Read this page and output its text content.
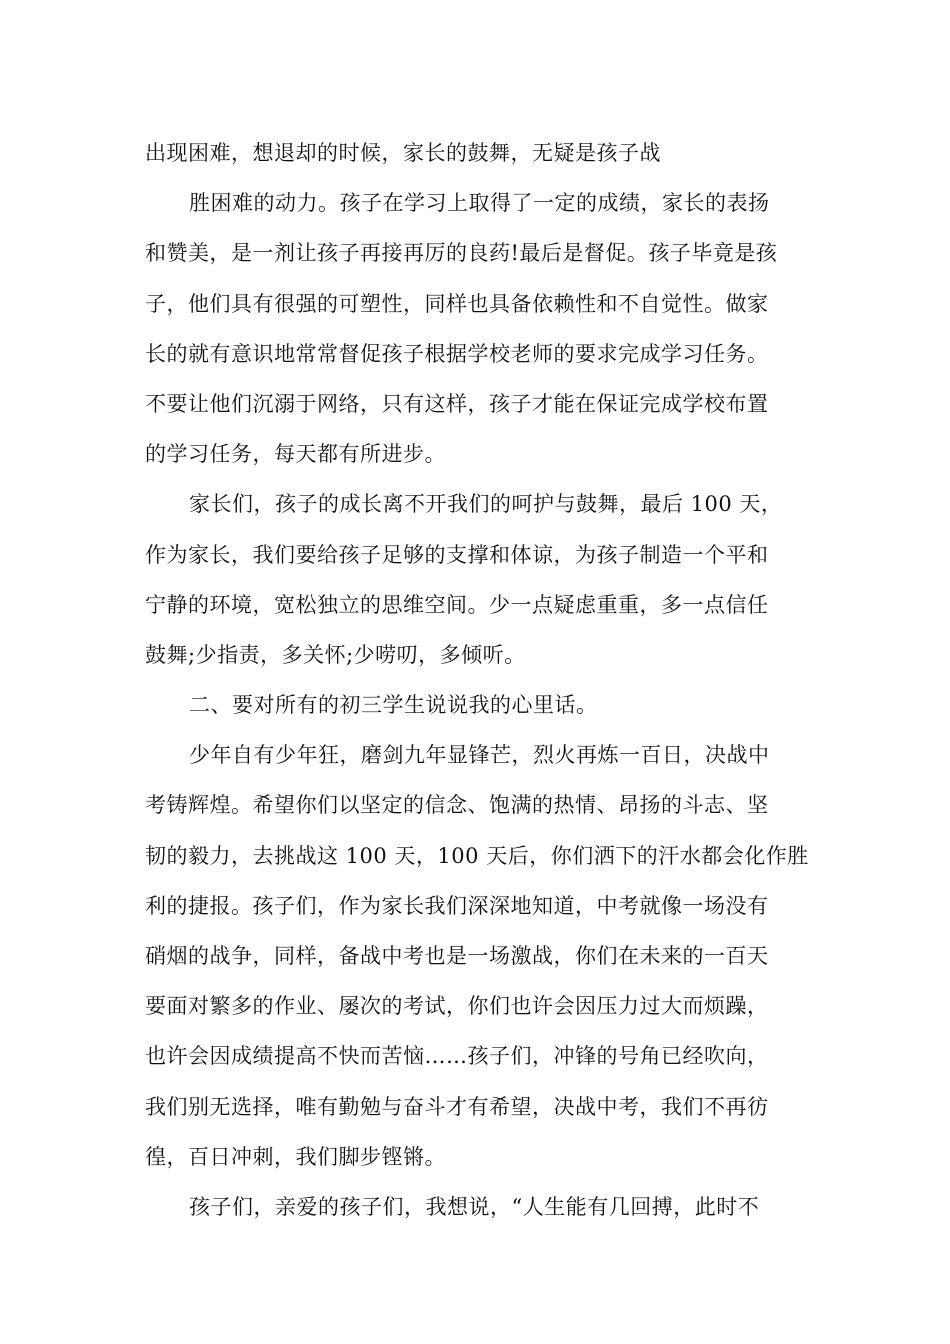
出现困难，想退却的时候，家长的鼓舞，无疑是孩子战
胜困难的动力。孩子在学习上取得了一定的成绩，家长的表扬
和赞美，是一剂让孩子再接再厉的良药!最后是督促。孩子毕竟是孩
子，他们具有很强的可塑性，同样也具备依赖性和不自觉性。做家
长的就有意识地常常督促孩子根据学校老师的要求完成学习任务。
不要让他们沉溺于网络，只有这样，孩子才能在保证完成学校布置
的学习任务，每天都有所进步。
家长们，孩子的成长离不开我们的呵护与鼓舞，最后 100 天，
作为家长，我们要给孩子足够的支撑和体谅，为孩子制造一个平和
宁静的环境，宽松独立的思维空间。少一点疑虑重重，多一点信任
鼓舞;少指责，多关怀;少唠叨，多倾听。
二、要对所有的初三学生说说我的心里话。
少年自有少年狂，磨剑九年显锋芒，烈火再炼一百日，决战中
考铸辉煌。希望你们以坚定的信念、饱满的热情、昂扬的斗志、坚
韧的毅力，去挑战这 100 天，100 天后，你们洒下的汗水都会化作胜
利的捷报。孩子们，作为家长我们深深地知道，中考就像一场没有
硝烟的战争，同样，备战中考也是一场激战，你们在未来的一百天
要面对繁多的作业、屡次的考试，你们也许会因压力过大而烦躁，
也许会因成绩提高不快而苦恼……孩子们，冲锋的号角已经吹向，
我们别无选择，唯有勤勉与奋斗才有希望，决战中考，我们不再彷
徨，百日冲刺，我们脚步铿锵。
孩子们，亲爱的孩子们，我想说，“人生能有几回搏，此时不
